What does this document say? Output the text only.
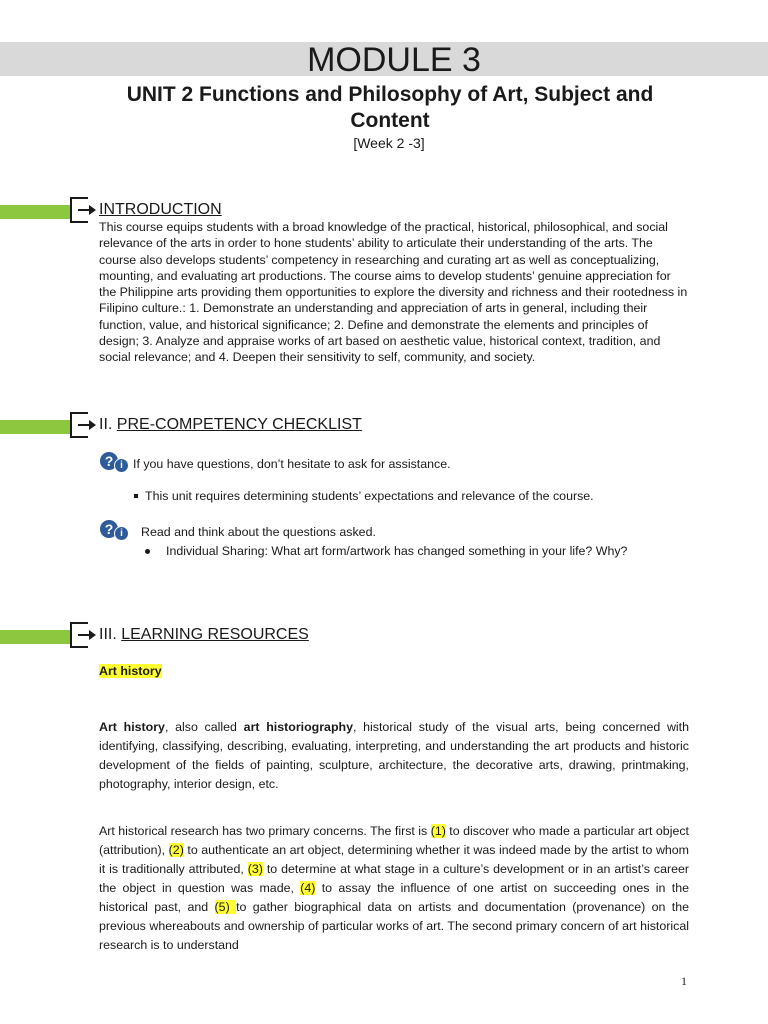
MODULE 3
UNIT 2 Functions and Philosophy of Art, Subject and Content
[Week 2 -3]
INTRODUCTION
This course equips students with a broad knowledge of the practical, historical, philosophical, and social relevance of the arts in order to hone students’ ability to articulate their understanding of the arts. The course also develops students’ competency in researching and curating art as well as conceptualizing, mounting, and evaluating art productions. The course aims to develop students’ genuine appreciation for the Philippine arts providing them opportunities to explore the diversity and richness and their rootedness in Filipino culture.: 1. Demonstrate an understanding and appreciation of arts in general, including their function, value, and historical significance; 2. Define and demonstrate the elements and principles of design; 3. Analyze and appraise works of art based on aesthetic value, historical context, tradition, and social relevance; and 4. Deepen their sensitivity to self, community, and society.
II. PRE-COMPETENCY CHECKLIST
? i If you have questions, don’t hesitate to ask for assistance.
This unit requires determining students’ expectations and relevance of the course.
? i	Read and think about the questions asked.
Individual Sharing: What art form/artwork has changed something in your life? Why?
III. LEARNING RESOURCES
Art history
Art history, also called art historiography, historical study of the visual arts, being concerned with identifying, classifying, describing, evaluating, interpreting, and understanding the art products and historic development of the fields of painting, sculpture, architecture, the decorative arts, drawing, printmaking, photography, interior design, etc.
Art historical research has two primary concerns. The first is (1) to discover who made a particular art object (attribution), (2) to authenticate an art object, determining whether it was indeed made by the artist to whom it is traditionally attributed, (3) to determine at what stage in a culture’s development or in an artist’s career the object in question was made, (4) to assay the influence of one artist on succeeding ones in the historical past, and (5) to gather biographical data on artists and documentation (provenance) on the previous whereabouts and ownership of particular works of art. The second primary concern of art historical research is to understand
1
